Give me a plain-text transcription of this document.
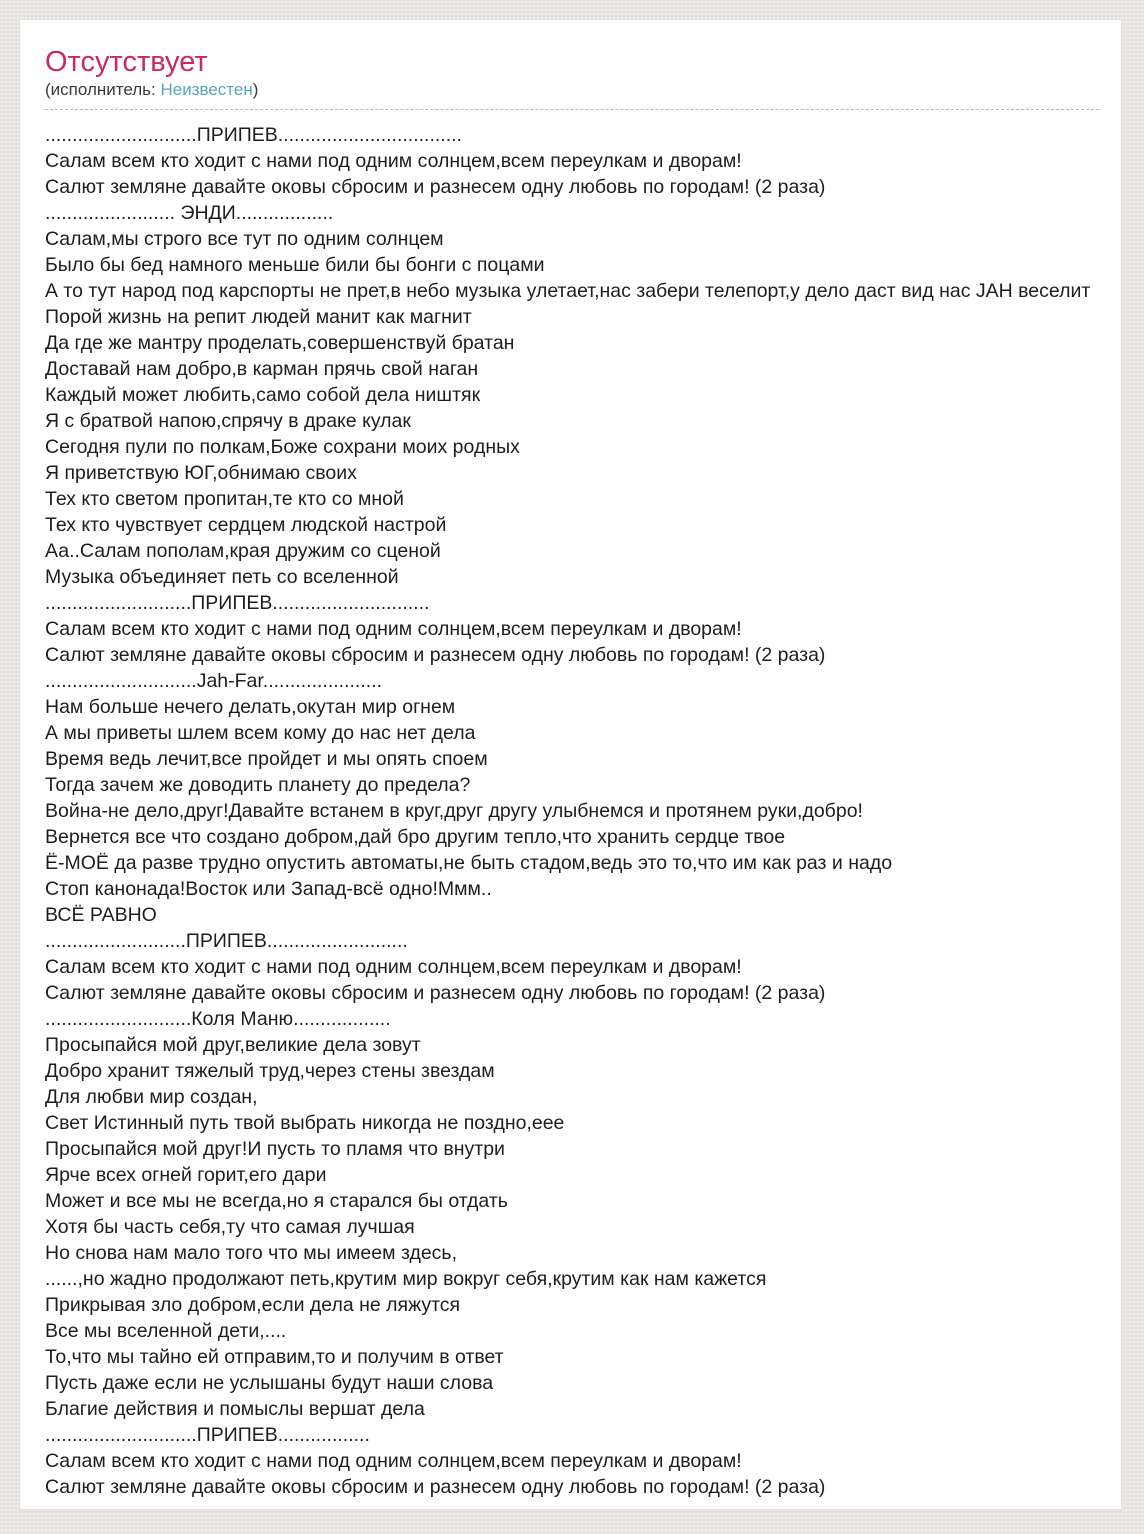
Отсутствует
(исполнитель: Неизвестен)
............................ПРИПЕВ..................................
Салам всем кто ходит с нами под одним солнцем,всем переулкам и дворам!
Салют земляне давайте оковы сбросим и разнесем одну любовь по городам! (2 раза)
........................ ЭНДИ..................
Салам,мы строго все тут по одним солнцем
Было бы бед намного меньше били бы бонги с поцами
А то тут народ под карспорты не прет,в небо музыка улетает,нас забери телепорт,у дело даст вид нас JAH веселит
Порой жизнь на репит людей манит как магнит
Да где же мантру проделать,совершенствуй братан
Доставай нам добро,в карман прячь свой наган
Каждый может любить,само собой дела ништяк
Я с братвой напою,спрячу в драке кулак
Сегодня пули по полкам,Боже сохрани моих родных
Я приветствую ЮГ,обнимаю своих
Тех кто светом пропитан,те кто со мной
Тех кто чувствует сердцем людской настрой
Аа..Салам пополам,края дружим со сценой
Музыка объединяет петь со вселенной
...........................ПРИПЕВ.............................
Салам всем кто ходит с нами под одним солнцем,всем переулкам и дворам!
Салют земляне давайте оковы сбросим и разнесем одну любовь по городам! (2 раза)
............................Jah-Far......................
Нам больше нечего делать,окутан мир огнем
А мы приветы шлем всем кому до нас нет дела
Время ведь лечит,все пройдет и мы опять споем
Тогда зачем же доводить планету до предела?
Война-не дело,друг!Давайте встанем в круг,друг другу улыбнемся и протянем руки,добро!
Вернется все что создано добром,дай бро другим тепло,что хранить сердце твое
Ё-МОЁ да разве трудно опустить автоматы,не быть стадом,ведь это то,что им как раз и надо
Стоп канонада!Восток или Запад-всё одно!Ммм..
ВСЁ РАВНО
..........................ПРИПЕВ..........................
Салам всем кто ходит с нами под одним солнцем,всем переулкам и дворам!
Салют земляне давайте оковы сбросим и разнесем одну любовь по городам! (2 раза)
...........................Коля Маню..................
Просыпайся мой друг,великие дела зовут
Добро хранит тяжелый труд,через стены звездам
Для любви мир создан,
Свет Истинный путь твой выбрать никогда не поздно,еее
Просыпайся мой друг!И пусть то пламя что внутри
Ярче всех огней горит,его дари
Может и все мы не всегда,но я старался бы отдать
Хотя бы часть себя,ту что самая лучшая
Но снова нам мало того что мы имеем здесь,
......,но жадно продолжают петь,крутим мир вокруг себя,крутим как нам кажется
Прикрывая зло добром,если дела не ляжутся
Все мы вселенной дети,....
То,что мы тайно ей отправим,то и получим в ответ
Пусть даже если не услышаны будут наши слова
Благие действия и помыслы вершат дела
............................ПРИПЕВ.................
Салам всем кто ходит с нами под одним солнцем,всем переулкам и дворам!
Салют земляне давайте оковы сбросим и разнесем одну любовь по городам! (2 раза)
